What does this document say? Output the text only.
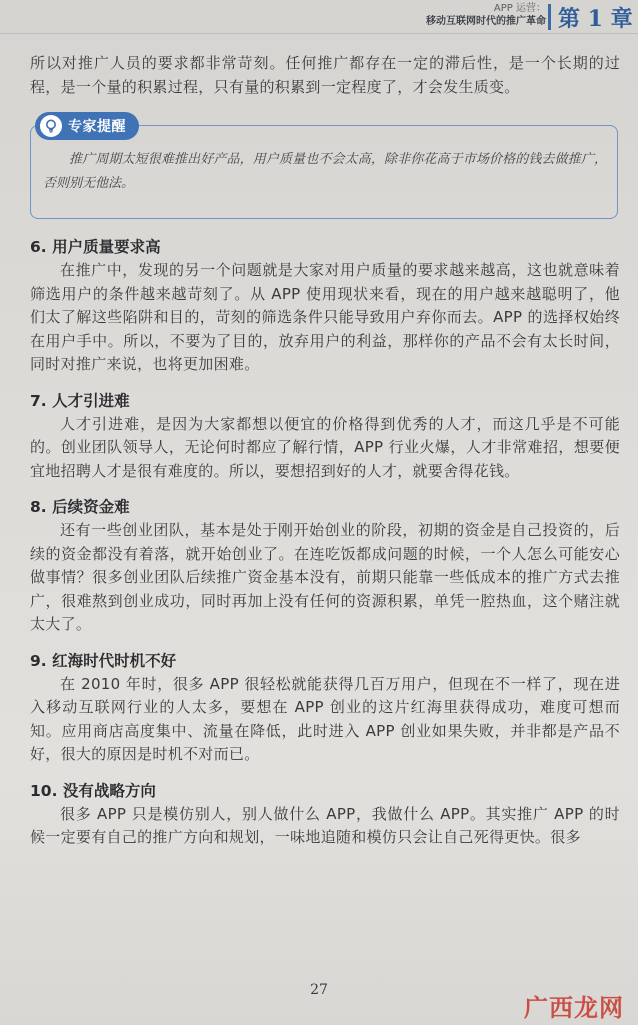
APP 运营：
移动互联网时代的推广革命 第 1 章

所以对推广人员的要求都非常苛刻。任何推广都存在一定的滞后性，是一个长期的过程，是一个量的积累过程，只有量的积累到一定程度了，才会发生质变。

专家提醒
推广周期太短很难推出好产品，用户质量也不会太高，除非你花高于市场价格的钱去做推广，否则别无他法。
6. 用户质量要求高

在推广中，发现的另一个问题就是大家对用户质量的要求越来越高，这也就意味着筛选用户的条件越来越苛刻了。从 APP 使用现状来看，现在的用户越来越聪明了，他们太了解这些陷阱和目的，苛刻的筛选条件只能导致用户弃你而去。APP 的选择权始终在用户手中。所以，不要为了目的，放弃用户的利益，那样你的产品不会有太长时间，同时对推广来说，也将更加困难。

7. 人才引进难

人才引进难，是因为大家都想以便宜的价格得到优秀的人才，而这几乎是不可能的。创业团队领导人，无论何时都应了解行情，APP 行业火爆，人才非常难招，想要便宜地招聘人才是很有难度的。所以，要想招到好的人才，就要舍得花钱。

8. 后续资金难

还有一些创业团队，基本是处于刚开始创业的阶段，初期的资金是自己投资的，后续的资金都没有着落，就开始创业了。在连吃饭都成问题的时候，一个人怎么可能安心做事情？很多创业团队后续推广资金基本没有，前期只能靠一些低成本的推广方式去推广，很难熬到创业成功，同时再加上没有任何的资源积累，单凭一腔热血，这个赌注就太大了。

9. 红海时代时机不好

在 2010 年时，很多 APP 很轻松就能获得几百万用户，但现在不一样了，现在进入移动互联网行业的人太多，要想在 APP 创业的这片红海里获得成功，难度可想而知。应用商店高度集中、流量在降低，此时进入 APP 创业如果失败，并非都是产品不好，很大的原因是时机不对而已。

10. 没有战略方向

很多 APP 只是模仿别人，别人做什么 APP，我做什么 APP。其实推广 APP 的时候一定要有自己的推广方向和规划，一味地追随和模仿只会让自己死得更快。很多

27
广西龙网
